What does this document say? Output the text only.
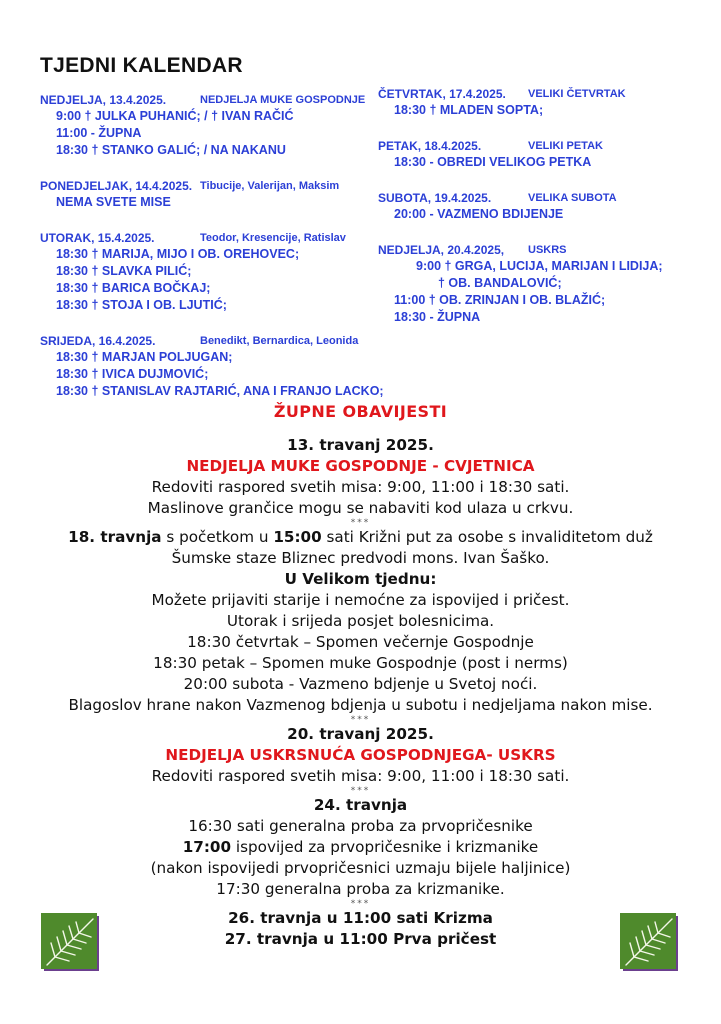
TJEDNI KALENDAR
NEDJELJA, 13.4.2025.	NEDJELJA MUKE GOSPODNJE
9:00 † JULKA PUHANIĆ; / † IVAN RAČIĆ
11:00 - ŽUPNA
18:30 † STANKO GALIĆ; / NA NAKANU
PONEDJELJAK, 14.4.2025. Tibucije, Valerijan, Maksim
NEMA SVETE MISE
UTORAK, 15.4.2025.	Teodor, Kresencije, Ratislav
18:30 † MARIJA, MIJO I OB. OREHOVEC;
18:30 † SLAVKA PILIĆ;
18:30 † BARICA BOČKAJ;
18:30 † STOJA I OB. LJUTIĆ;
SRIJEDA, 16.4.2025.	Benedikt, Bernardica, Leonida
18:30 † MARJAN POLJUGAN;
18:30 † IVICA DUJMOVIĆ;
18:30 † STANISLAV RAJTARIĆ, ANA I FRANJO LACKO;
ČETVRTAK, 17.4.2025. VELIKI ČETVRTAK
18:30 † MLADEN SOPTA;
PETAK, 18.4.2025.	VELIKI PETAK
18:30 - OBREDI VELIKOG PETKA
SUBOTA, 19.4.2025.	VELIKA SUBOTA
20:00 - VAZMENO BDIJENJE
NEDJELJA, 20.4.2025, USKRS
9:00 † GRGA, LUCIJA, MARIJAN I LIDIJA;
† OB. BANDALOVIĆ;
11:00 † OB. ZRINJAN I OB. BLAŽIĆ;
18:30 - ŽUPNA
ŽUPNE OBAVIJESTI
13. travanj 2025.
NEDJELJA MUKE GOSPODNJE - CVJETNICA
Redoviti raspored svetih misa: 9:00, 11:00 i 18:30 sati.
Maslinove grančice mogu se nabaviti kod ulaza u crkvu.
***
18. travnja s početkom u 15:00 sati Križni put za osobe s invaliditetom duž
Šumske staze Bliznec predvodi mons. Ivan Šaško.
U Velikom tjednu:
Možete prijaviti starije i nemoćne za ispovijed i pričest.
Utorak i srijeda posjet bolesnicima.
18:30 četvrtak – Spomen večernje Gospodnje
18:30 petak – Spomen muke Gospodnje (post i nerms)
20:00 subota - Vazmeno bdjenje u Svetoj noći.
Blagoslov hrane nakon Vazmenog bdjenja u subotu i nedjeljama nakon mise.
***
20. travanj 2025.
NEDJELJA USKRSNUĆA GOSPODNJEGA- USKRS
Redoviti raspored svetih misa: 9:00, 11:00 i 18:30 sati.
***
24. travnja
16:30 sati generalna proba za prvopričesnike
17:00 ispovijed za prvopričesnike i krizmanike
(nakon ispovijedi prvopričesnici uzmaju bijele haljinice)
17:30 generalna proba za krizmanike.
***
26. travnja u 11:00 sati Krizma
27. travnja u 11:00 Prva pričest
